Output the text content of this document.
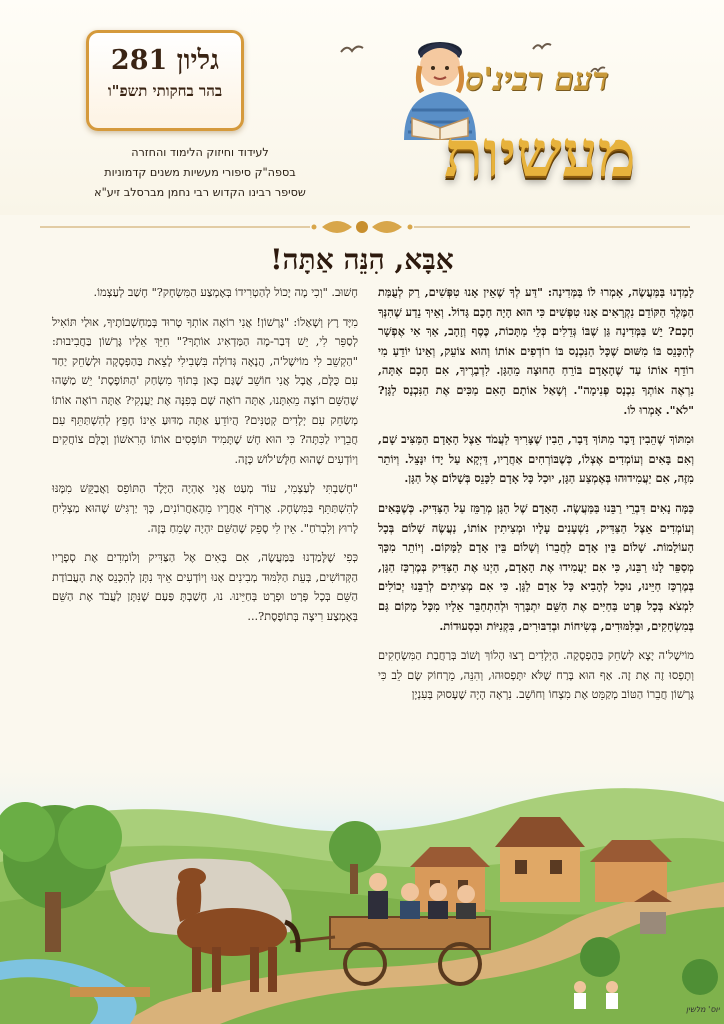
גליון 281
בהר בחקותי תשפ"ו
לעידוד וחיזוק הלימוד והחזרה
בספה"ק סיפורי מעשיות משנים קדמוניות
שסיפר רבינו הקדוש רבי נחמן מברסלב זיע"א
דעם רבינ'ס
מעשיות
אַבָּא, הִנֵּה אַתָּה!

לָמַדְנוּ בַּמַּעֲשֶׂה, אָמְרוּ לוֹ בַּמְּדִינָה: "דַּע לְךָ שֶׁאֵין אָנוּ טִפְּשִׁים, רַק לְעֻמַּת הַמֶּלֶךְ הַקּוֹדֵם נִקְרָאִים אָנוּ טִפְּשִׁים כִּי הוּא הָיָה חָכָם גָּדוֹל. וְאֵיךְ נֵדַע שֶׁהִנְּךָ חָכָם? יֵשׁ בַּמְּדִינָה גַּן שֶׁבּוֹ גְּדֵלִים כְּלֵי מַתָּכוֹת, כֶּסֶף וְזָהָב, אַךְ אִי אֶפְשָׁר לְהִכָּנֵס בּוֹ מִשּׁוּם שֶׁכָּל הַנִּכְנָס בּוֹ רוֹדְפִים אוֹתוֹ וְהוּא צוֹעֵק, וְאֵינוֹ יוֹדֵעַ מִי רוֹדֵף אוֹתוֹ עַד שֶׁהָאָדָם בּוֹרֵחַ הַחוּצָה מֵהַגָּן. לִדְבָרֶיךָ, אִם חָכָם אַתָּה, נִרְאֶה אוֹתְךָ נִכְנָס פְּנִימָה". וְשָׁאַל אוֹתָם הָאִם מַכִּים אֶת הַנִּכְנָס לַגָּן? "לֹא". אָמְרוּ לוֹ.

וּמִתּוֹךְ שֶׁהֵבִין דָּבָר מִתּוֹךְ דָּבָר, הֵבִין שֶׁצָּרִיךְ לַעֲמֹד אֵצֶל הָאָדָם הַמַּצִּיב שָׁם, וְאִם בָּאִים וְעוֹמְדִים אֶצְלוֹ, כְּשֶׁבּוֹרְחִים אַחֲרָיו, דַּיְקָא עַל יָדוֹ יִנָּצֵל. וְיוֹתֵר מִזֶּה, אִם יַעֲמִידוּהוּ בְּאֶמְצַע הַגָּן, יוּכַל כָּל אָדָם לִכָּנֵס בְּשָׁלוֹם אֶל הַגָּן.

כַּמָּה נָאִים דִּבְרֵי רַבֵּנוּ בַּמַּעֲשֶׂה. הָאָדָם שֶׁל הַגָּן מְרַמֵּז עַל הַצַּדִּיק. כְּשֶׁבָּאִים וְעוֹמְדִים אֵצֶל הַצַּדִּיק, נִשְׁעָנִים עָלָיו וּמְצִיתִין אוֹתוֹ, נַעֲשֶׂה שָׁלוֹם בְּכָל הָעוֹלָמוֹת. שָׁלוֹם בֵּין אָדָם לַחֲבֵרוֹ וְשָׁלוֹם בֵּין אָדָם לַמָּקוֹם. וְיוֹתֵר מִכָּךְ מְסַפֵּר לָנוּ רַבֵּנוּ, כִּי אִם יַעֲמִידוּ אֶת הָאָדָם, הַיְנוּ אֶת הַצַּדִּיק בְּמֶרְכַּז הַגָּן, בְּמֶרְכַּז חַיֵּינוּ, נוּכַל לְהָבִיא כָּל אָדָם לַגָּן. כִּי אִם מְצִיתִים לְרַבֵּנוּ יְכוֹלִים לִמְצֹא בְּכָל פְּרָט בַּחַיִּים אֶת הַשֵּׁם יִתְבָּרַךְ וּלְהִתְחַבֵּר אֵלָיו מִכָּל מָקוֹם גַּם בְּמִשְׂחָקִים, וּבַלִּמּוּדִים, בְּשִׂיחוֹת וּבְדִבּוּרִים, בִּקְנִיּוֹת וּבִסְעוּדוֹת.

מוֹישֶׁל'ה יָצָא לְשַׂחֵק בַּהַפְסָקָה. הַיְלָדִים רָצוּ הָלוֹךְ וָשׁוֹב בְּרַחֲבַת הַמִּשְׂחָקִים וְתָפְסוּ זֶה אֶת זֶה. אַף הוּא בָּרַח שֶׁלֹּא יִתָּפְסוּהוּ, וְהִנֵּה, מֵרָחוֹק שָׂם לֵב כִּי גֶּרְשׁוֹן חֲבֵרוֹ הַטּוֹב מְקַמֵּט אֶת מִצְחוֹ וְחוֹשֵׁב. נִרְאָה הָיָה שֶׁעָסוּק בְּעִנְיָן

חָשׁוּב. "וְכִי מָה יָכוֹל לְהַטְרִידוֹ בְּאֶמְצַע הַמִּשְׂחָק?" חָשַׁב לְעַצְמוֹ.

מִיָּד רָץ וְשָׁאַלוֹ: "גֶּרְשׁוֹן! אֲנִי רוֹאֶה אוֹתְךָ טָרוּד בְּמַחְשְׁבוֹתֶיךָ, אוּלַי תּוֹאִיל לְסַפֵּר לִי, יֵשׁ דְּבַר-מָה הַמַּדְאִיג אוֹתְךָ?" חִיֵּךְ אֵלָיו גֶּרְשׁוֹן בַּחֲבִיבוּת: "הַקְשֵׁב לִי מוֹישֶׁל'ה, הֲנָאָה גְּדוֹלָה בִּשְׁבִילִי לָצֵאת בַּהַפְסָקָה וּלְשַׂחֵק יַחַד עִם כֻּלָּם, אֲבָל אֲנִי חוֹשֵׁב שֶׁגַּם כָּאן בְּתוֹךְ מִשְׂחַק 'הַתּוֹפֶסֶת' יֵשׁ מַשֶּׁהוּ שֶׁהַשֵּׁם רוֹצֶה מֵאִתָּנוּ, אַתָּה רוֹאֶה שָׁם בְּפִנָּה אֶת יַעֲנְקִי? אַתָּה רוֹאֶה אוֹתוֹ מְשַׂחֵק עִם יְלָדִים קְטַנִּים? הֲיוֹדֵעַ אַתָּה מַדּוּעַ אֵינוֹ חָפֵץ לְהִשְׁתַּתֵּף עִם חֲבֵרָיו לַכִּתָּה? כִּי הוּא חָשׁ שֶׁתָּמִיד תּוֹפְסִים אוֹתוֹ הָרִאשׁוֹן וְכֻלָּם צוֹחֲקִים וְיוֹדְעִים שֶׁהוּא חַלָּשׁ'לֹושׁ כָּזֶה.

"חָשַׁבְתִּי לְעַצְמִי, עוֹד מְעַט אֲנִי אֶהְיֶה הַיֶּלֶד הַתּוֹפֵס וַאֲבַקֵּשׁ מִמֶּנּוּ לְהִשְׁתַּתֵּף בַּמִּשְׂחָק. אֶרְדֹּף אַחֲרָיו מֵהָאַחֲרוֹנִים, כָּךְ יַרְגִּישׁ שֶׁהוּא מַצְלִיחַ לָרוּץ וְלִבְרֹחַ". אֵין לִי סָפֵק שֶׁהַשֵּׁם יִהְיֶה שָׂמֵחַ בָּזֶה.

כְּפִי שֶׁלָּמַדְנוּ בַּמַּעֲשֶׂה, אִם בָּאִים אֶל הַצַּדִּיק וְלוֹמְדִים אֶת סְפָרָיו הַקְּדוֹשִׁים, בְּעֵת הַלִּמּוּד מְבִינִים אָנוּ וְיוֹדְעִים אֵיךְ נִתָּן לְהִכָּנֵס אֶת הָעֲבוֹדַת הַשֵּׁם בְּכָל פְּרָט וּפְרָט בְּחַיֵּינוּ. נוּ, חָשַׁבְתָּ פַּעַם שֶׁנִּתָּן לַעֲבֹד אֶת הַשֵּׁם בְּאֶמְצַע רִיצָה בְּתוֹפֶסֶת?...

יוס' מלשין
